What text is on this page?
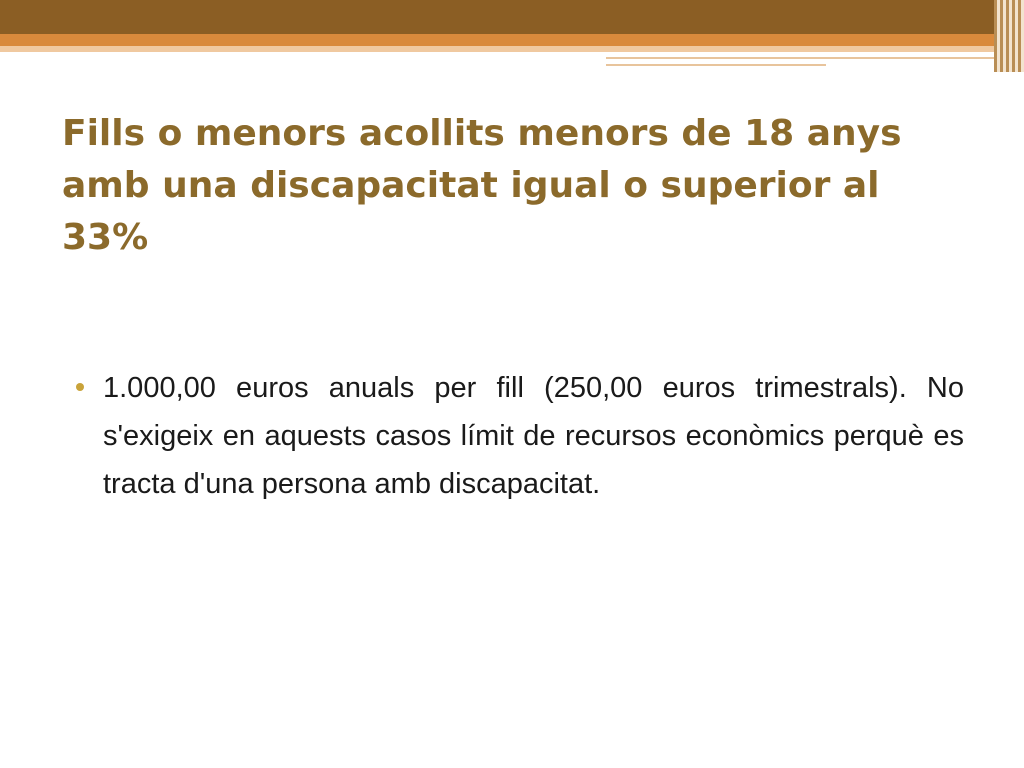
Fills o menors acollits menors de 18 anys amb una discapacitat igual o superior al 33%
1.000,00 euros anuals per fill (250,00 euros trimestrals). No s'exigeix en aquests casos límit de recursos econòmics perquè es tracta d'una persona amb discapacitat.
